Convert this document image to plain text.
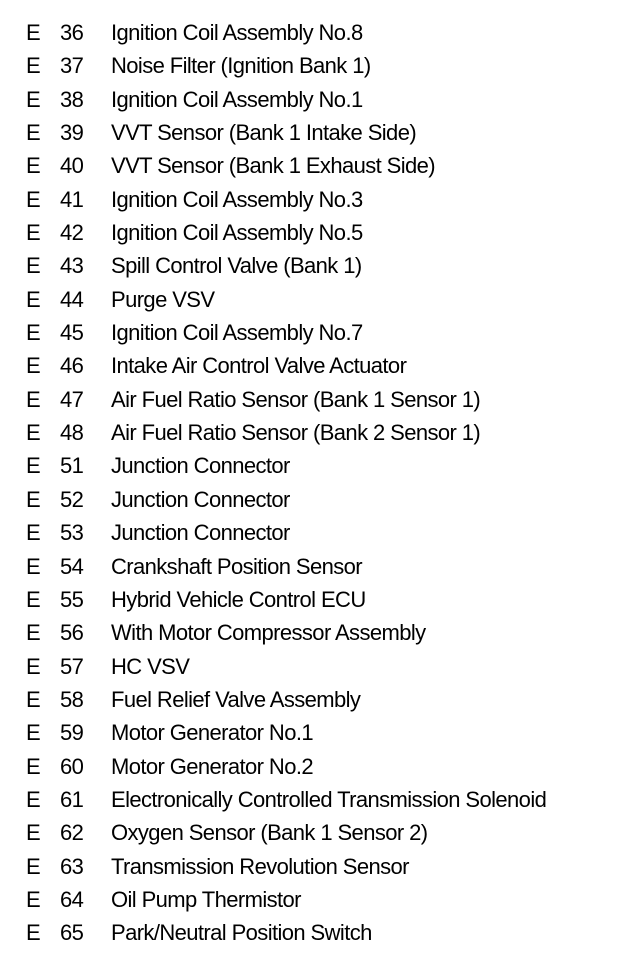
E 36 Ignition Coil Assembly No.8
E 37 Noise Filter (Ignition Bank 1)
E 38 Ignition Coil Assembly No.1
E 39 VVT Sensor (Bank 1 Intake Side)
E 40 VVT Sensor (Bank 1 Exhaust Side)
E 41 Ignition Coil Assembly No.3
E 42 Ignition Coil Assembly No.5
E 43 Spill Control Valve (Bank 1)
E 44 Purge VSV
E 45 Ignition Coil Assembly No.7
E 46 Intake Air Control Valve Actuator
E 47 Air Fuel Ratio Sensor (Bank 1 Sensor 1)
E 48 Air Fuel Ratio Sensor (Bank 2 Sensor 1)
E 51 Junction Connector
E 52 Junction Connector
E 53 Junction Connector
E 54 Crankshaft Position Sensor
E 55 Hybrid Vehicle Control ECU
E 56 With Motor Compressor Assembly
E 57 HC VSV
E 58 Fuel Relief Valve Assembly
E 59 Motor Generator No.1
E 60 Motor Generator No.2
E 61 Electronically Controlled Transmission Solenoid
E 62 Oxygen Sensor (Bank 1 Sensor 2)
E 63 Transmission Revolution Sensor
E 64 Oil Pump Thermistor
E 65 Park/Neutral Position Switch
